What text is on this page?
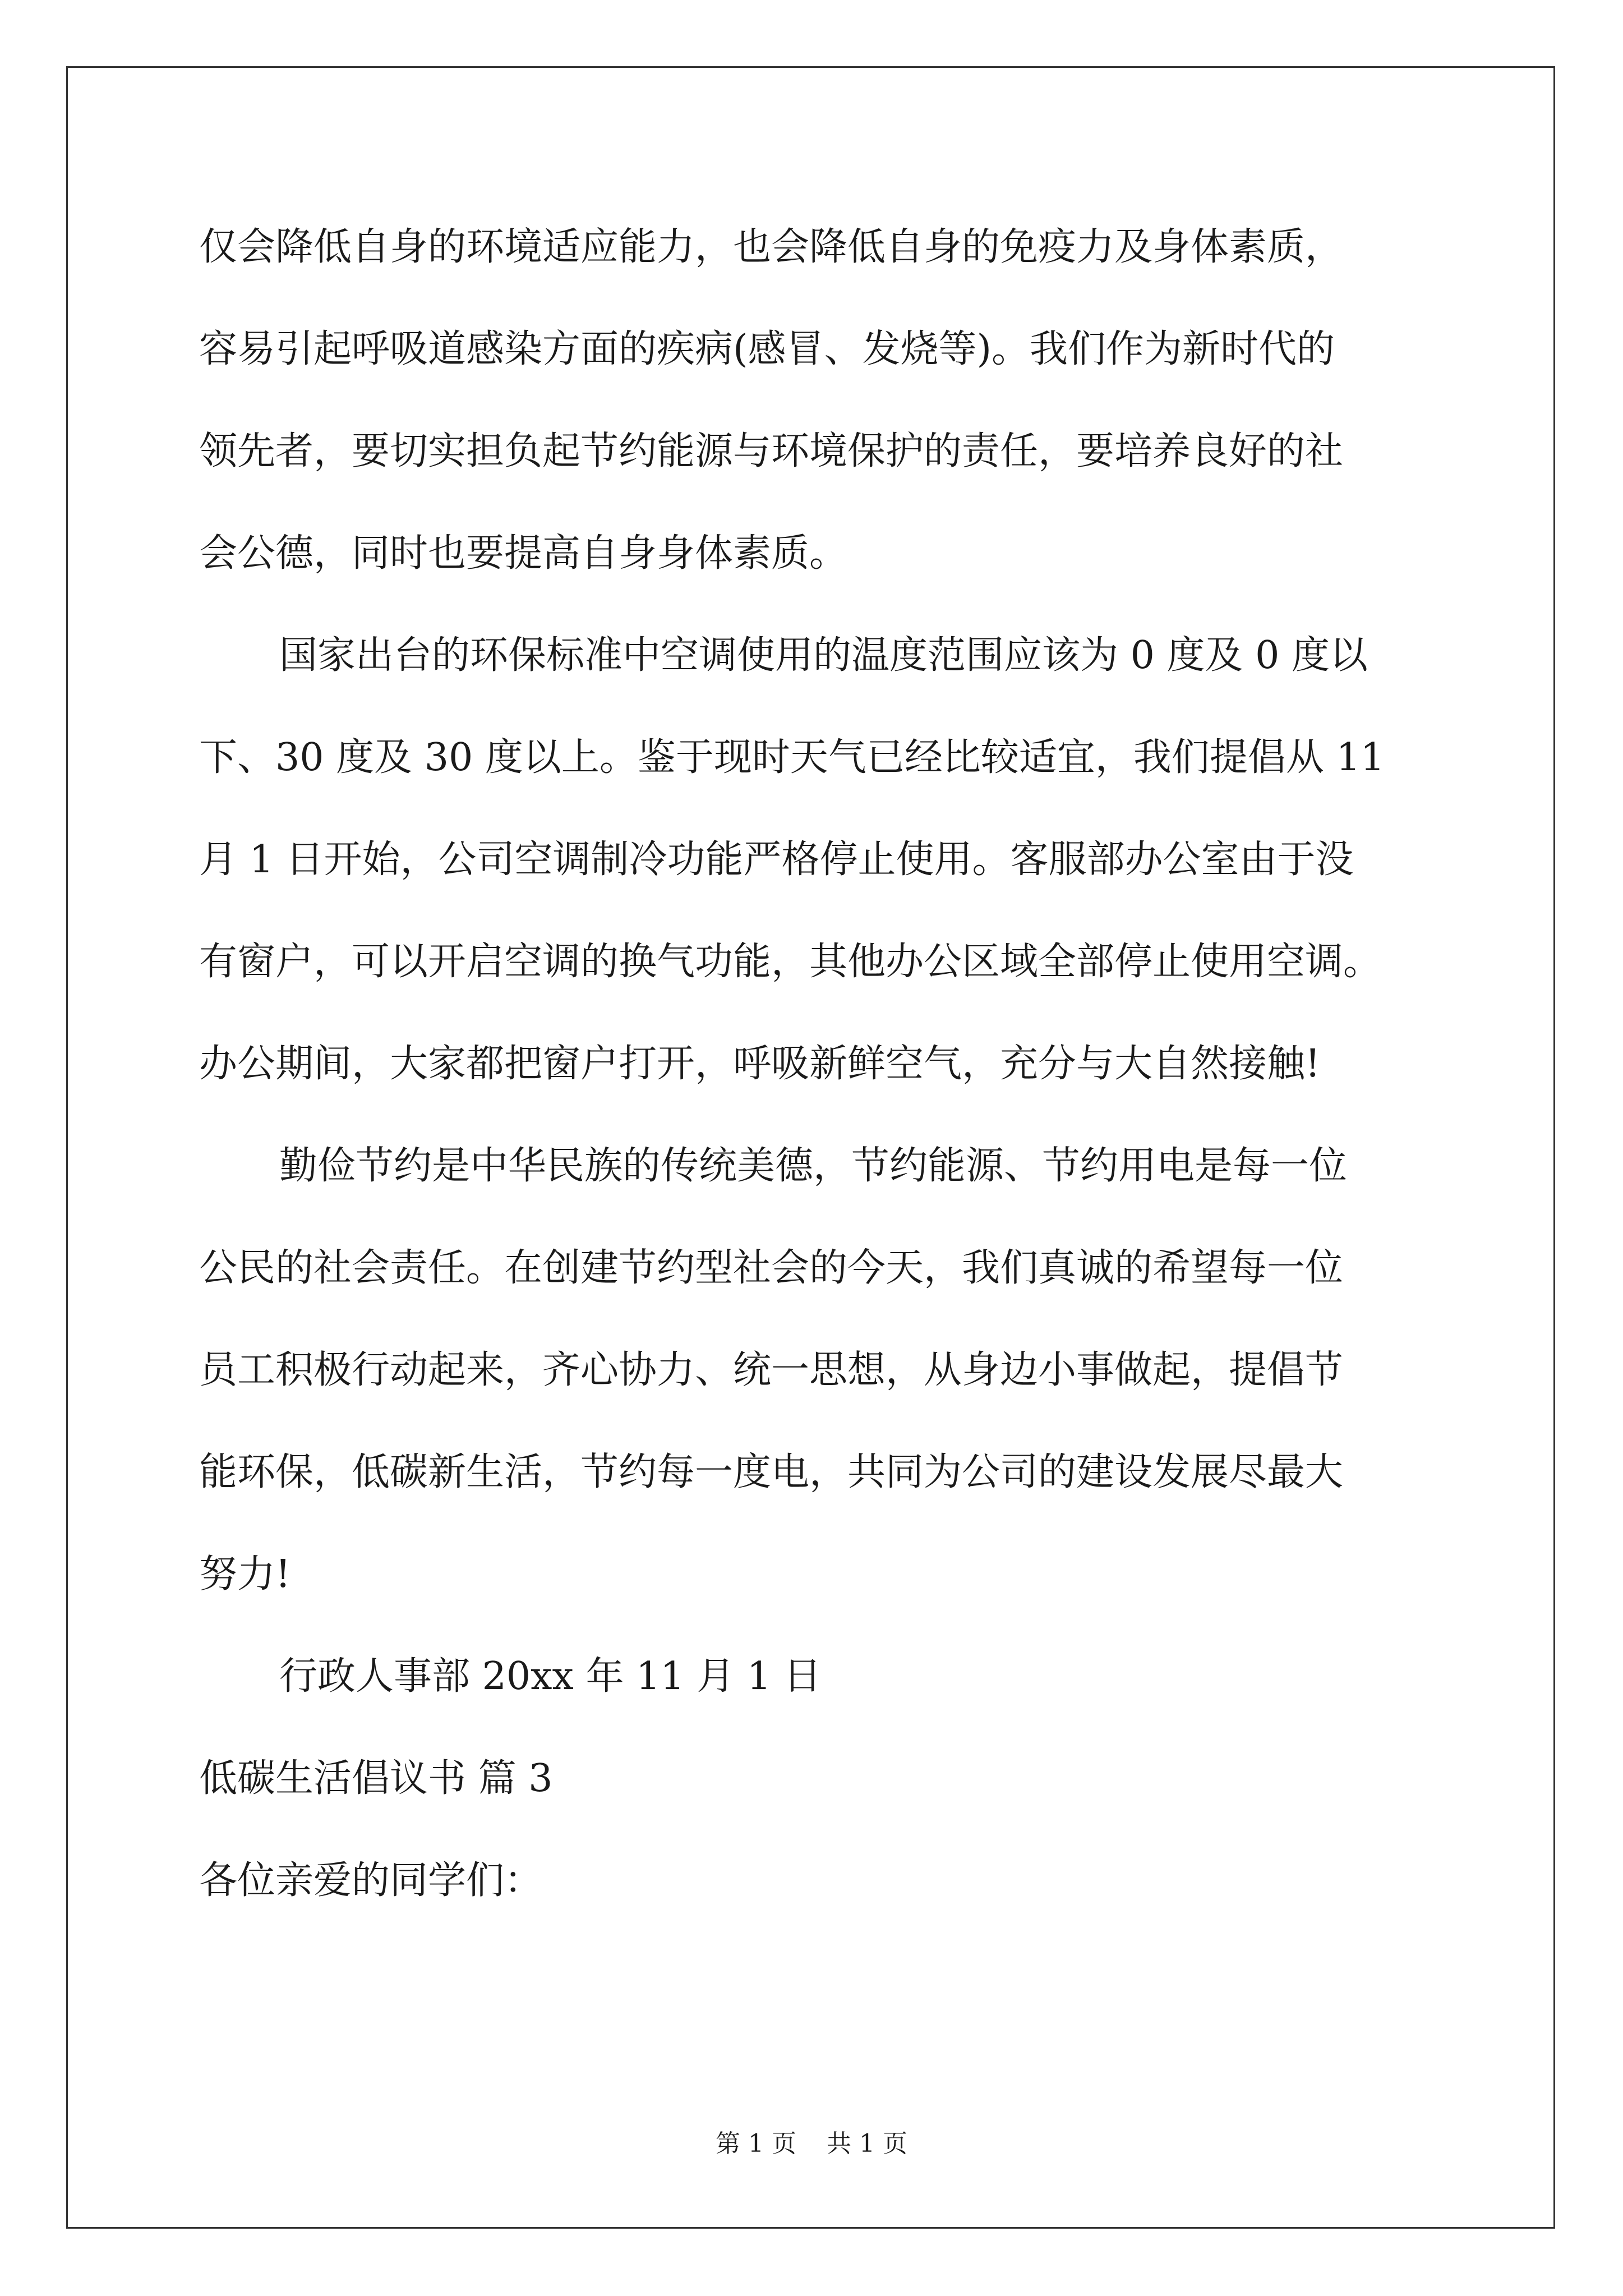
仅会降低自身的环境适应能力，也会降低自身的免疫力及身体素质，
容易引起呼吸道感染方面的疾病(感冒、发烧等)。我们作为新时代的
领先者，要切实担负起节约能源与环境保护的责任，要培养良好的社
会公德，同时也要提高自身身体素质。
国家出台的环保标准中空调使用的温度范围应该为 0 度及 0 度以
下、30 度及 30 度以上。鉴于现时天气已经比较适宜，我们提倡从 11
月 1 日开始，公司空调制冷功能严格停止使用。客服部办公室由于没
有窗户，可以开启空调的换气功能，其他办公区域全部停止使用空调。
办公期间，大家都把窗户打开，呼吸新鲜空气，充分与大自然接触!
勤俭节约是中华民族的传统美德，节约能源、节约用电是每一位
公民的社会责任。在创建节约型社会的今天，我们真诚的希望每一位
员工积极行动起来，齐心协力、统一思想，从身边小事做起，提倡节
能环保，低碳新生活，节约每一度电，共同为公司的建设发展尽最大
努力!
行政人事部 20xx 年 11 月 1 日
低碳生活倡议书 篇 3
各位亲爱的同学们：
第 1 页 共 1 页
